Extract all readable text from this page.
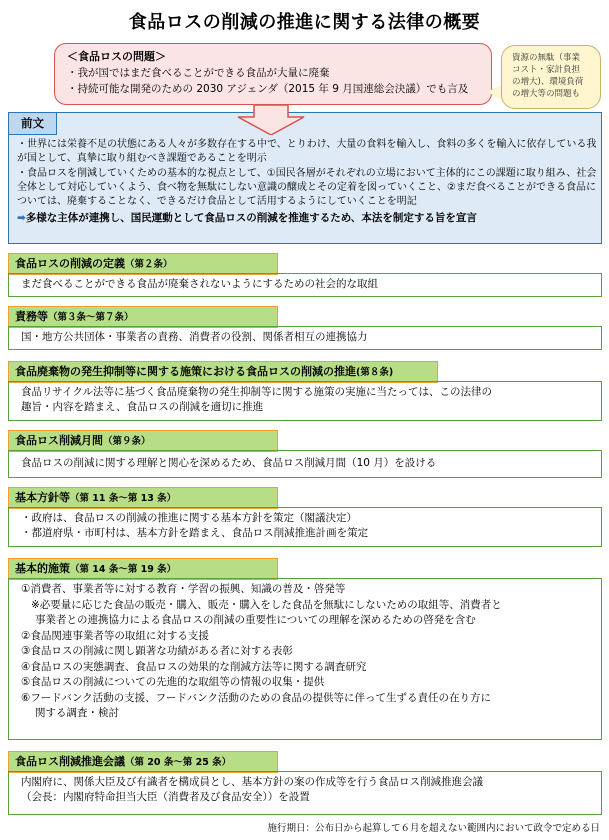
食品ロスの削減の推進に関する法律の概要
＜食品ロスの問題＞
・我が国ではまだ食べることができる食品が大量に廃棄
・持続可能な開発のための 2030 アジェンダ（2015 年 9 月国連総会決議）でも言及
資源の無駄（事業
コスト・家計負担
の増大)、環境負荷
の増大等の問題も
前文

・世界には栄養不足の状態にある人々が多数存在する中で、とりわけ、大量の食料を輸入し、食料の多くを輸入に依存している我が国として、真摯に取り組むべき課題であることを明示

・食品ロスを削減していくための基本的な視点として、①国民各層がそれぞれの立場において主体的にこの課題に取り組み、社会全体として対応していくよう、食べ物を無駄にしない意識の醸成とその定着を図っていくこと、②まだ食べることができる食品については、廃棄することなく、できるだけ食品として活用するようにしていくことを明記

➡多様な主体が連携し、国民運動として食品ロスの削減を推進するため、本法を制定する旨を宣言
食品ロスの削減の定義（第２条）
まだ食べることができる食品が廃棄されないようにするための社会的な取組
責務等（第３条～第７条）
国・地方公共団体・事業者の責務、消費者の役割、関係者相互の連携協力
食品廃棄物の発生抑制等に関する施策における食品ロスの削減の推進(第８条)
食品リサイクル法等に基づく食品廃棄物の発生抑制等に関する施策の実施に当たっては、この法律の
趣旨・内容を踏まえ、食品ロスの削減を適切に推進
食品ロス削減月間（第９条）
食品ロスの削減に関する理解と関心を深めるため、食品ロス削減月間（10 月）を設ける
基本方針等（第 11 条～第 13 条）
・政府は、食品ロスの削減の推進に関する基本方針を策定（閣議決定）
・都道府県・市町村は、基本方針を踏まえ、食品ロス削減推進計画を策定
基本的施策（第 14 条～第 19 条）
①消費者、事業者等に対する教育・学習の振興、知識の普及・啓発等
※必要量に応じた食品の販売・購入、販売・購入をした食品を無駄にしないための取組等、消費者と
事業者との連携協力による食品ロスの削減の重要性についての理解を深めるための啓発を含む
②食品関連事業者等の取組に対する支援
③食品ロスの削減に関し顕著な功績がある者に対する表彰
④食品ロスの実態調査、食品ロスの効果的な削減方法等に関する調査研究
⑤食品ロスの削減についての先進的な取組等の情報の収集・提供
⑥フードバンク活動の支援、フードバンク活動のための食品の提供等に伴って生ずる責任の在り方に
関する調査・検討
食品ロス削減推進会議（第 20 条～第 25 条）
内閣府に、関係大臣及び有識者を構成員とし、基本方針の案の作成等を行う食品ロス削減推進会議
（会長：内閣府特命担当大臣（消費者及び食品安全））を設置
施行期日：公布日から起算して６月を超えない範囲内において政令で定める日
